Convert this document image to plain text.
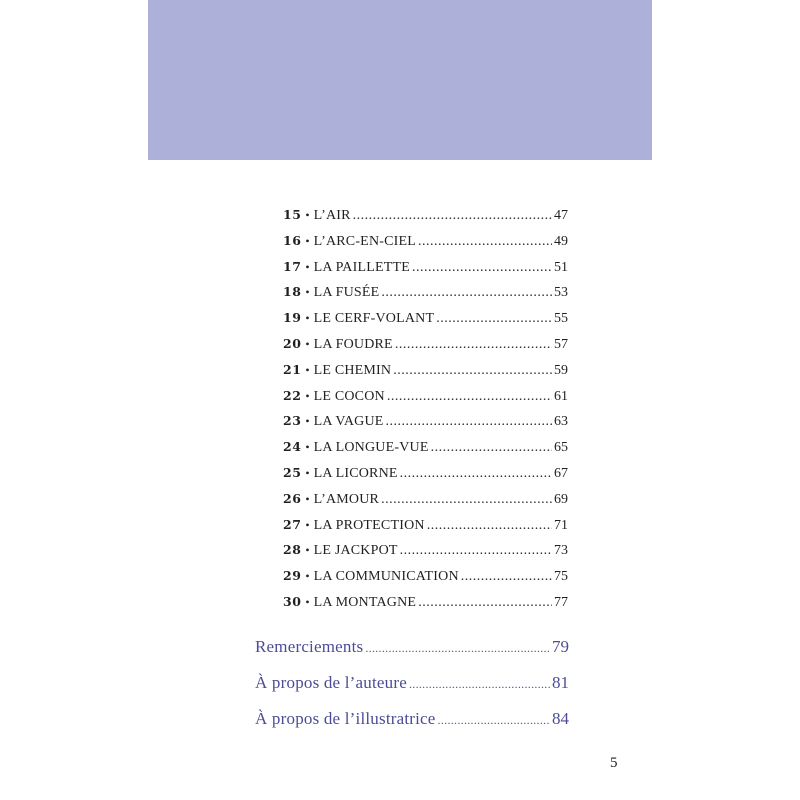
15 • L’AIR .....	47
16 • L’ARC-EN-CIEL .....	49
17 • LA PAILLETTE .....	51
18 • LA FUSÉE .....	53
19 • LE CERF-VOLANT .....	55
20 • LA FOUDRE .....	57
21 • LE CHEMIN .....	59
22 • LE COCON .....	61
23 • LA VAGUE .....	63
24 • LA LONGUE-VUE .....	65
25 • LA LICORNE .....	67
26 • L’AMOUR .....	69
27 • LA PROTECTION .....	71
28 • LE JACKPOT .....	73
29 • LA COMMUNICATION .....	75
30 • LA MONTAGNE .....	77
Remerciements .....	79
À propos de l’auteure .....	81
À propos de l’illustratrice .....	84
5
